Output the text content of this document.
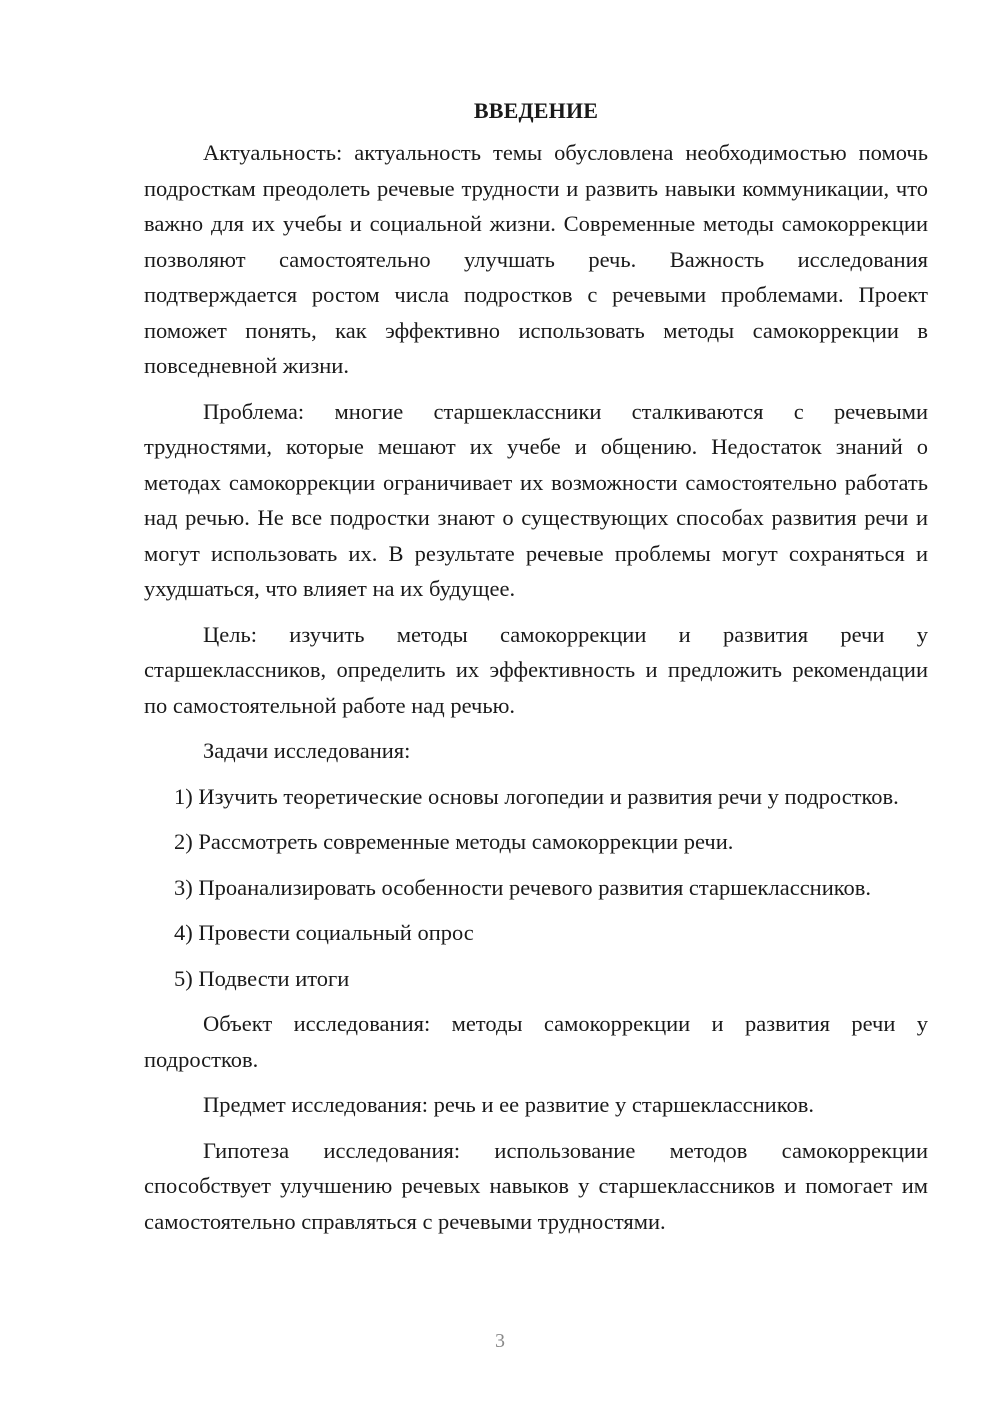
ВВЕДЕНИЕ

Актуальность: актуальность темы обусловлена необходимостью помочь подросткам преодолеть речевые трудности и развить навыки коммуникации, что важно для их учебы и социальной жизни. Современные методы самокоррекции позволяют самостоятельно улучшать речь. Важность исследования подтверждается ростом числа подростков с речевыми проблемами. Проект поможет понять, как эффективно использовать методы самокоррекции в повседневной жизни.

Проблема: многие старшеклассники сталкиваются с речевыми трудностями, которые мешают их учебе и общению. Недостаток знаний о методах самокоррекции ограничивает их возможности самостоятельно работать над речью. Не все подростки знают о существующих способах развития речи и могут использовать их. В результате речевые проблемы могут сохраняться и ухудшаться, что влияет на их будущее.

Цель: изучить методы самокоррекции и развития речи у старшеклассников, определить их эффективность и предложить рекомендации по самостоятельной работе над речью.

Задачи исследования:

1) Изучить теоретические основы логопедии и развития речи у подростков.

2) Рассмотреть современные методы самокоррекции речи.

3) Проанализировать особенности речевого развития старшеклассников.

4) Провести социальный опрос

5) Подвести итоги

Объект исследования: методы самокоррекции и развития речи у подростков.

Предмет исследования: речь и ее развитие у старшеклассников.

Гипотеза исследования: использование методов самокоррекции способствует улучшению речевых навыков у старшеклассников и помогает им самостоятельно справляться с речевыми трудностями.

3
